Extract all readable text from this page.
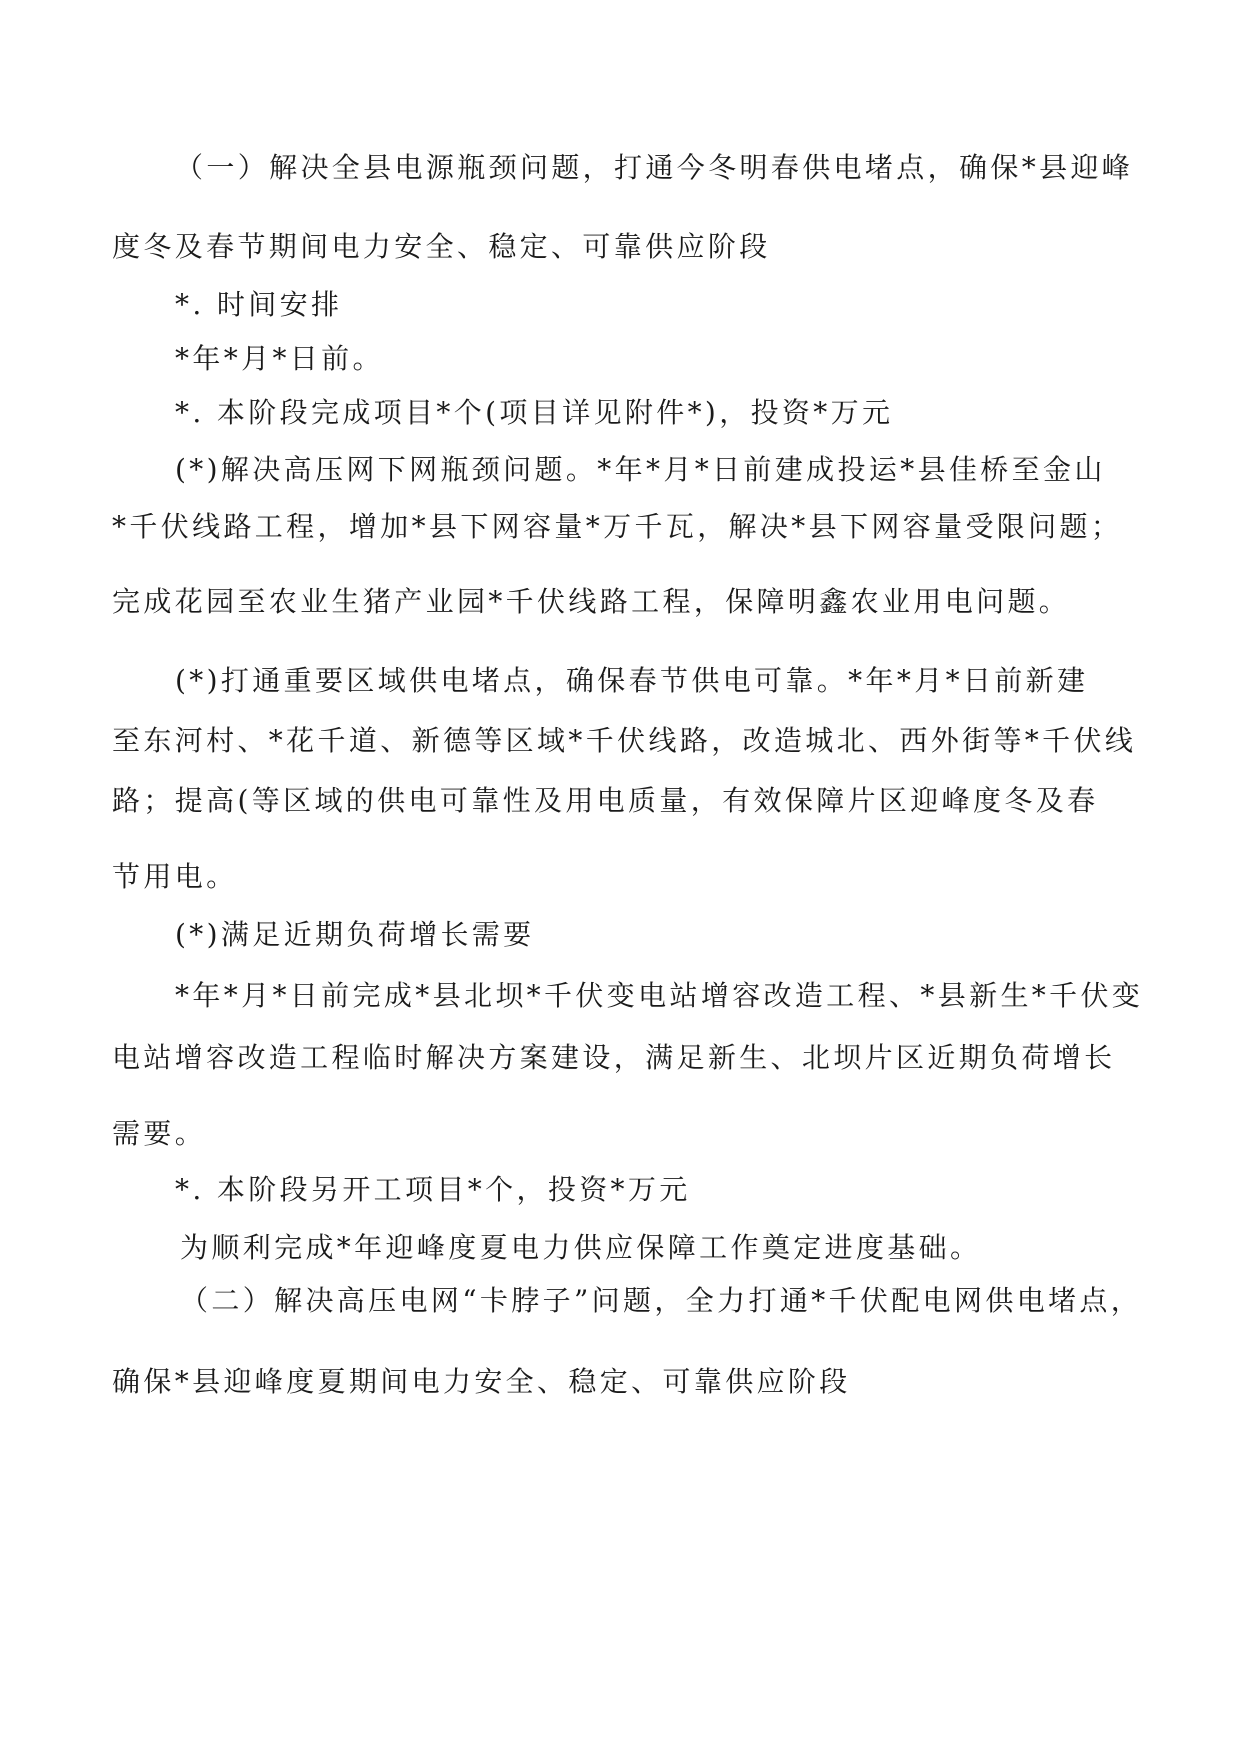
（一）解决全县电源瓶颈问题，打通今冬明春供电堵点，确保*县迎峰
度冬及春节期间电力安全、稳定、可靠供应阶段
*. 时间安排
*年*月*日前。
*. 本阶段完成项目*个(项目详见附件*)，投资*万元
(*)解决高压网下网瓶颈问题。*年*月*日前建成投运*县佳桥至金山
*千伏线路工程，增加*县下网容量*万千瓦，解决*县下网容量受限问题；
完成花园至农业生猪产业园*千伏线路工程，保障明鑫农业用电问题。
(*)打通重要区域供电堵点，确保春节供电可靠。*年*月*日前新建
至东河村、*花千道、新德等区域*千伏线路，改造城北、西外街等*千伏线
路；提高(等区域的供电可靠性及用电质量，有效保障片区迎峰度冬及春
节用电。
(*)满足近期负荷增长需要
*年*月*日前完成*县北坝*千伏变电站增容改造工程、*县新生*千伏变
电站增容改造工程临时解决方案建设，满足新生、北坝片区近期负荷增长
需要。
*. 本阶段另开工项目*个，投资*万元
为顺利完成*年迎峰度夏电力供应保障工作奠定进度基础。
（二）解决高压电网“卡脖子”问题，全力打通*千伏配电网供电堵点，
确保*县迎峰度夏期间电力安全、稳定、可靠供应阶段
